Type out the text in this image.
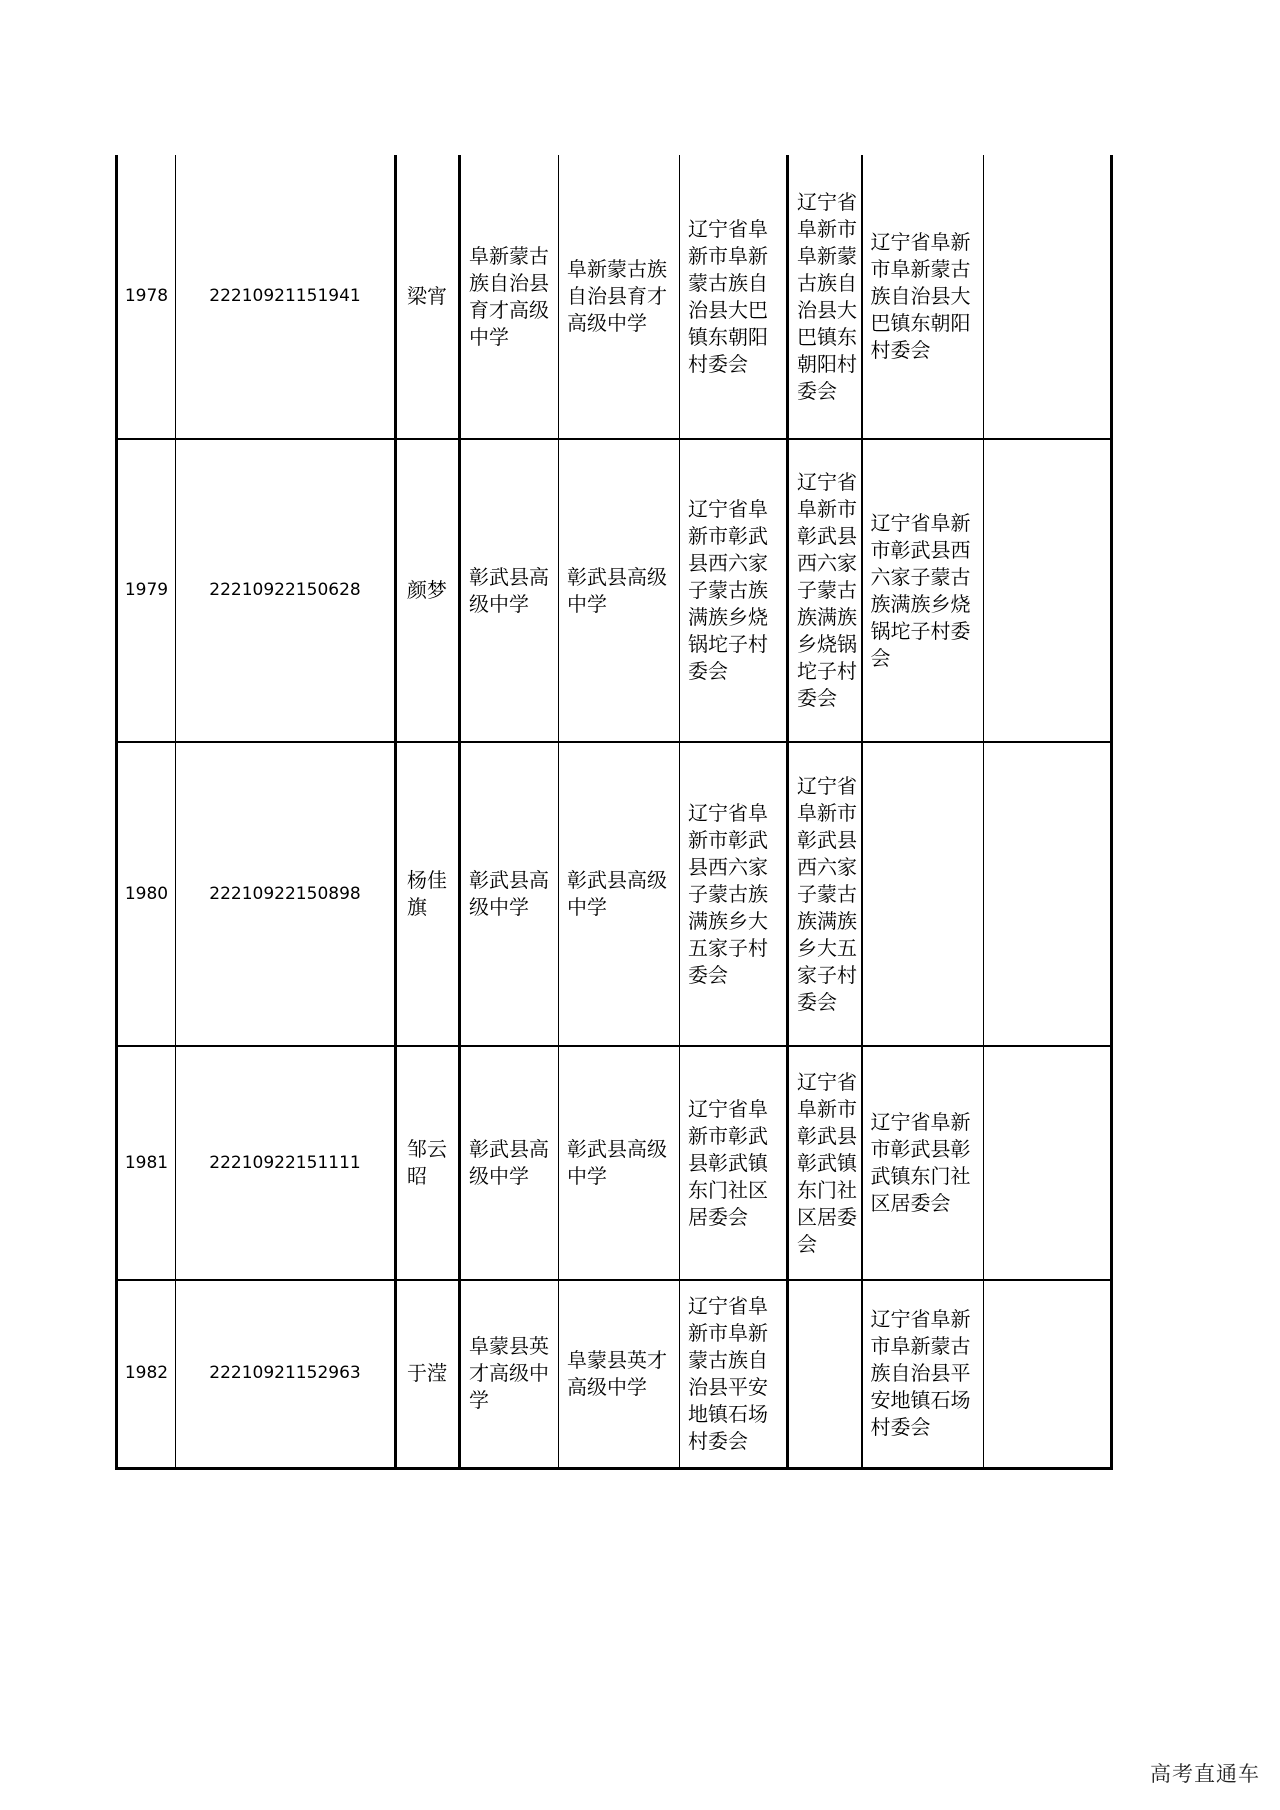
1978	22210921151941	梁宵	阜新蒙古族自治县育才高级中学	阜新蒙古族自治县育才高级中学	辽宁省阜新市阜新蒙古族自治县大巴镇东朝阳村委会	辽宁省阜新市阜新蒙古族自治县大巴镇东朝阳村委会	辽宁省阜新市阜新蒙古族自治县大巴镇东朝阳村委会	
1979	22210922150628	颜梦	彰武县高级中学	彰武县高级中学	辽宁省阜新市彰武县西六家子蒙古族满族乡烧锅坨子村委会	辽宁省阜新市彰武县西六家子蒙古族满族乡烧锅坨子村委会	辽宁省阜新市彰武县西六家子蒙古族满族乡烧锅坨子村委会	
1980	22210922150898	杨佳旗	彰武县高级中学	彰武县高级中学	辽宁省阜新市彰武县西六家子蒙古族满族乡大五家子村委会	辽宁省阜新市彰武县西六家子蒙古族满族乡大五家子村委会		
1981	22210922151111	邹云昭	彰武县高级中学	彰武县高级中学	辽宁省阜新市彰武县彰武镇东门社区居委会	辽宁省阜新市彰武县彰武镇东门社区居委会	辽宁省阜新市彰武县彰武镇东门社区居委会	
1982	22210921152963	于滢	阜蒙县英才高级中学	阜蒙县英才高级中学	辽宁省阜新市阜新蒙古族自治县平安地镇石场村委会		辽宁省阜新市阜新蒙古族自治县平安地镇石场村委会	
高考直通车
